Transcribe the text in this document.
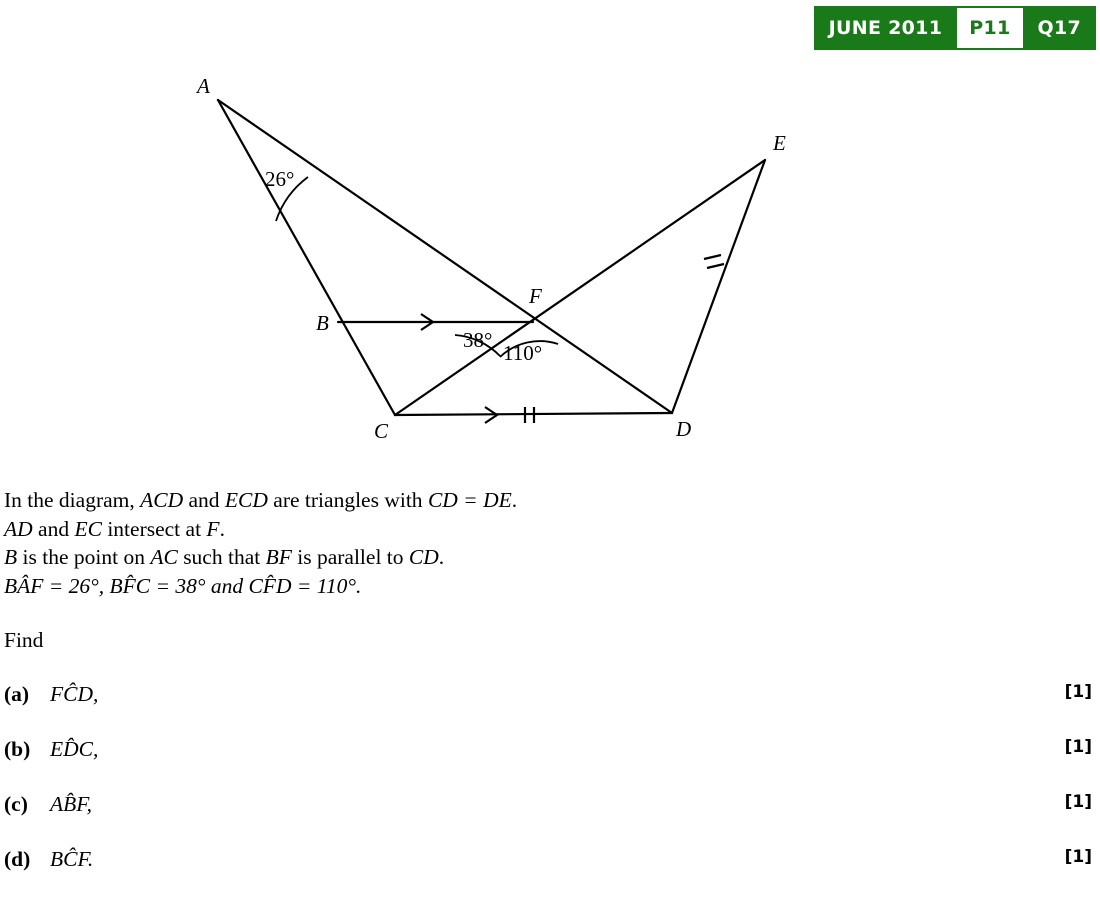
JUNE 2011	P11	Q17
A
B
C	D
E
F
26°
38°
110°
In the diagram, ACD and ECD are triangles with CD = DE.
AD and EC intersect at F.
B is the point on AC such that BF is parallel to CD.
BÂF = 26°, BF̂C = 38° and CF̂D = 110°.
Find
(a) FĈD,	[1]
(b) ED̂C,	[1]
(c) AB̂F,	[1]
(d) BĈF.	[1]
